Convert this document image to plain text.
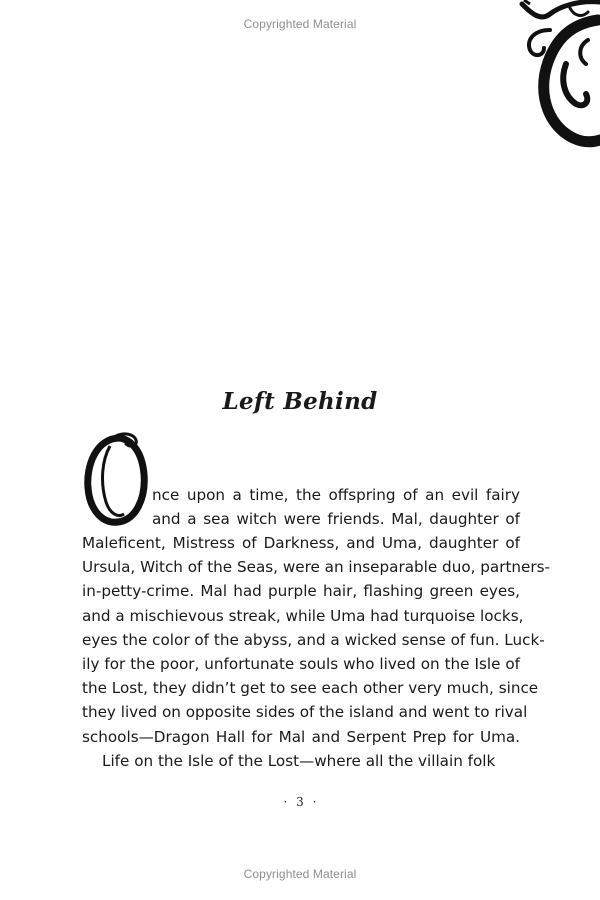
Copyrighted Material
Left Behind
nce upon a time, the offspring of an evil fairy
and a sea witch were friends. Mal, daughter of
Maleficent, Mistress of Darkness, and Uma, daughter of
Ursula, Witch of the Seas, were an inseparable duo, partners-
in-petty-crime. Mal had purple hair, flashing green eyes,
and a mischievous streak, while Uma had turquoise locks,
eyes the color of the abyss, and a wicked sense of fun. Luck-
ily for the poor, unfortunate souls who lived on the Isle of
the Lost, they didn’t get to see each other very much, since
they lived on opposite sides of the island and went to rival
schools—Dragon Hall for Mal and Serpent Prep for Uma.
Life on the Isle of the Lost—where all the villain folk
· 3 ·
Copyrighted Material
